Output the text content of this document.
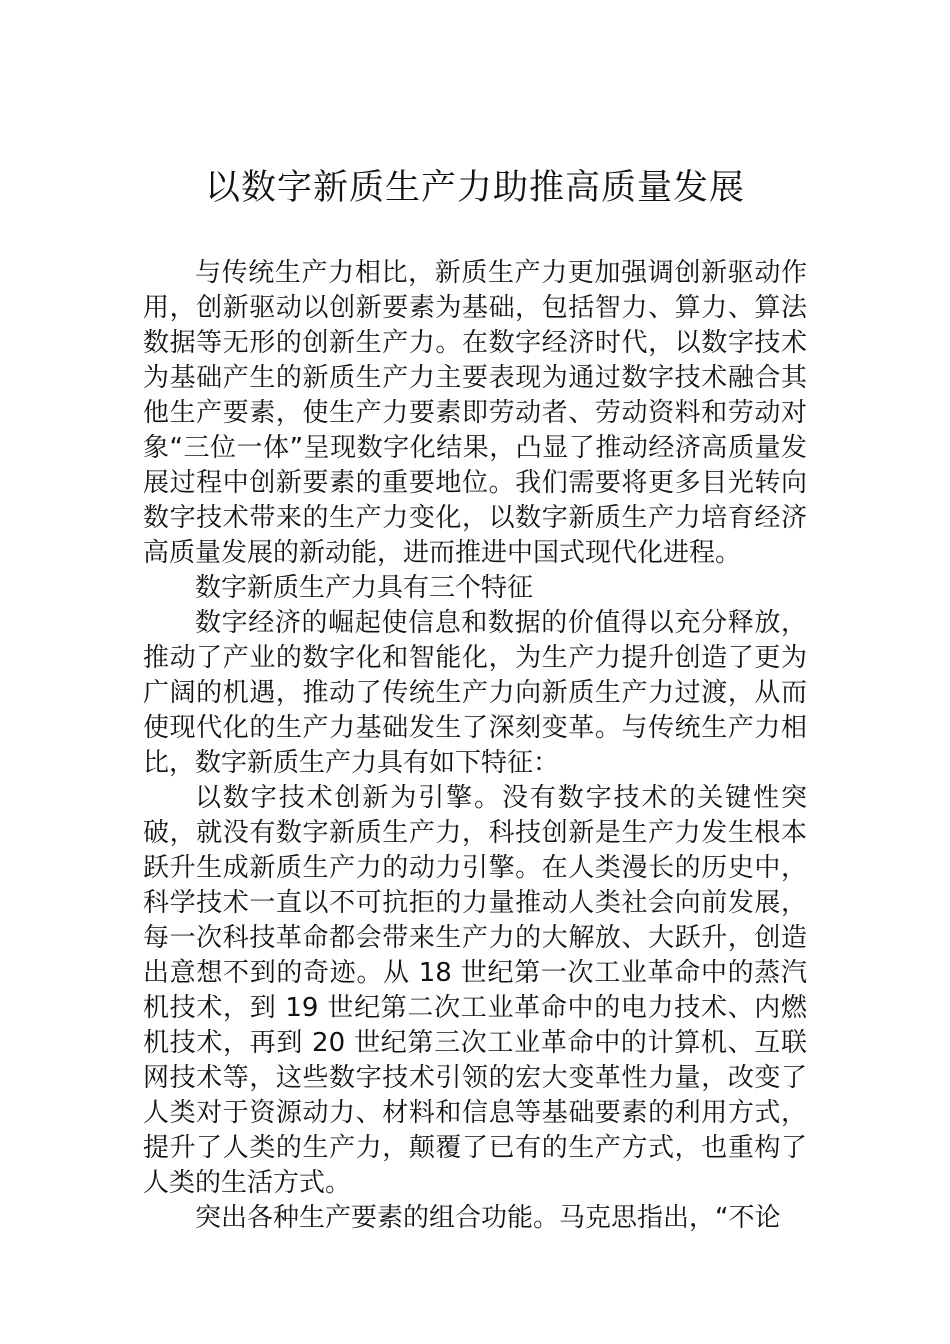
以数字新质生产力助推高质量发展

与传统生产力相比，新质生产力更加强调创新驱动作用，创新驱动以创新要素为基础，包括智力、算力、算法数据等无形的创新生产力。在数字经济时代，以数字技术为基础产生的新质生产力主要表现为通过数字技术融合其他生产要素，使生产力要素即劳动者、劳动资料和劳动对象“三位一体”呈现数字化结果，凸显了推动经济高质量发展过程中创新要素的重要地位。我们需要将更多目光转向数字技术带来的生产力变化，以数字新质生产力培育经济高质量发展的新动能，进而推进中国式现代化进程。

数字新质生产力具有三个特征

数字经济的崛起使信息和数据的价值得以充分释放，推动了产业的数字化和智能化，为生产力提升创造了更为广阔的机遇，推动了传统生产力向新质生产力过渡，从而使现代化的生产力基础发生了深刻变革。与传统生产力相比，数字新质生产力具有如下特征：

以数字技术创新为引擎。没有数字技术的关键性突破，就没有数字新质生产力，科技创新是生产力发生根本跃升生成新质生产力的动力引擎。在人类漫长的历史中，科学技术一直以不可抗拒的力量推动人类社会向前发展，每一次科技革命都会带来生产力的大解放、大跃升，创造出意想不到的奇迹。从 18 世纪第一次工业革命中的蒸汽机技术，到 19 世纪第二次工业革命中的电力技术、内燃机技术，再到 20 世纪第三次工业革命中的计算机、互联网技术等，这些数字技术引领的宏大变革性力量，改变了人类对于资源动力、材料和信息等基础要素的利用方式，提升了人类的生产力，颠覆了已有的生产方式，也重构了人类的生活方式。

突出各种生产要素的组合功能。马克思指出，“不论
